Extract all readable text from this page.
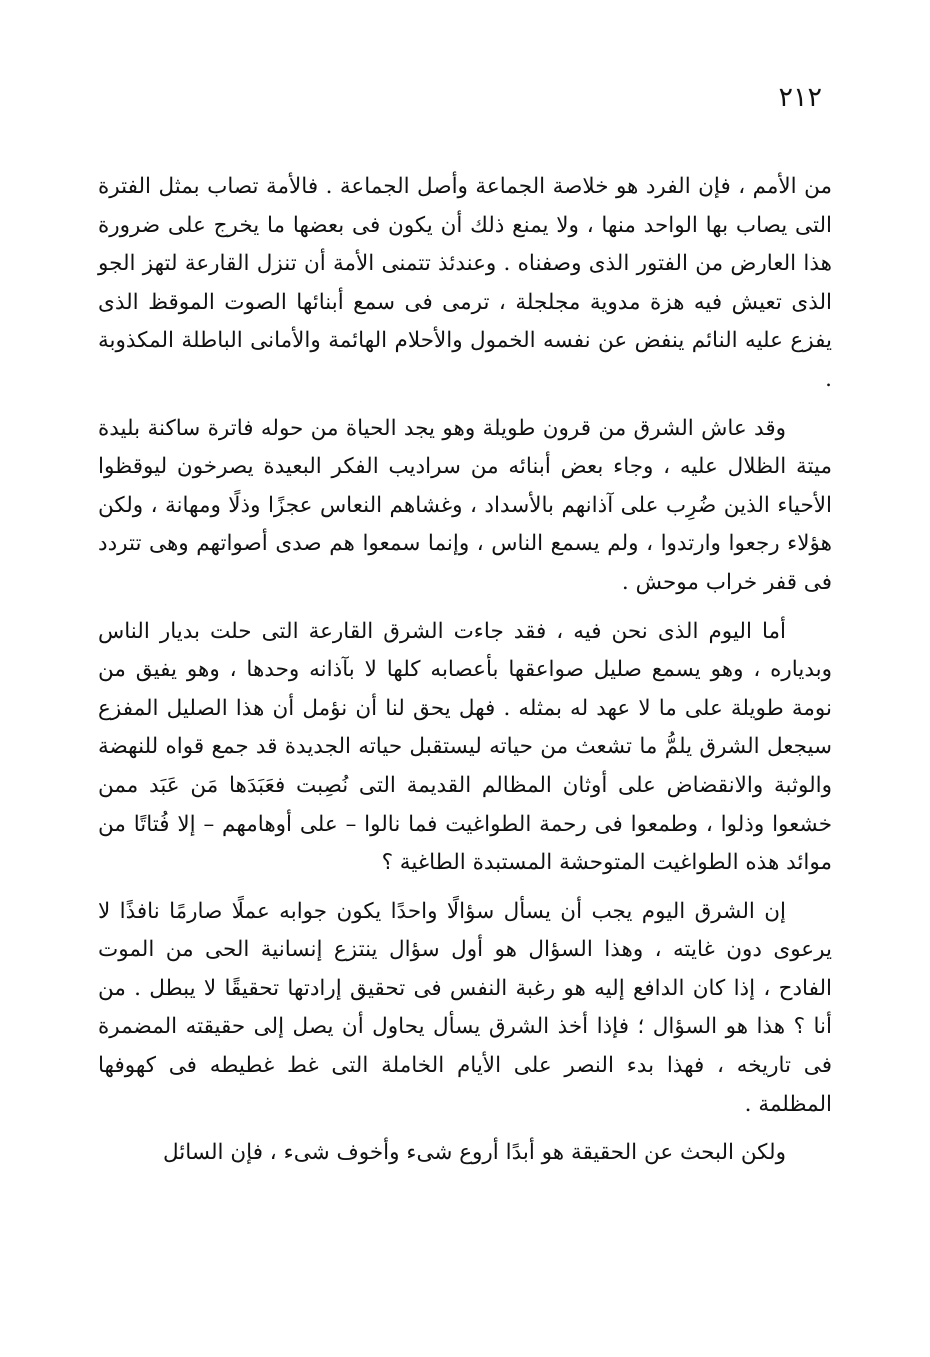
٢١٢

من الأمم ، فإن الفرد هو خلاصة الجماعة وأصل الجماعة . فالأمة تصاب بمثل الفترة التى يصاب بها الواحد منها ، ولا يمنع ذلك أن يكون فى بعضها ما يخرج على ضرورة هذا العارض من الفتور الذى وصفناه . وعندئذ تتمنى الأمة أن تنزل القارعة لتهز الجو الذى تعيش فيه هزة مدوية مجلجلة ، ترمى فى سمع أبنائها الصوت الموقظ الذى يفزع عليه النائم ينفض عن نفسه الخمول والأحلام الهائمة والأمانى الباطلة المكذوبة .

وقد عاش الشرق من قرون طويلة وهو يجد الحياة من حوله فاترة ساكنة بليدة ميتة الظلال عليه ، وجاء بعض أبنائه من سراديب الفكر البعيدة يصرخون ليوقظوا الأحياء الذين ضُرِب على آذانهم بالأسداد ، وغشاهم النعاس عجزًا وذلًا ومهانة ، ولكن هؤلاء رجعوا وارتدوا ، ولم يسمع الناس ، وإنما سمعوا هم صدى أصواتهم وهى تتردد فى قفر خراب موحش .

أما اليوم الذى نحن فيه ، فقد جاءت الشرق القارعة التى حلت بديار الناس وبدياره ، وهو يسمع صليل صواعقها بأعصابه كلها لا بآذانه وحدها ، وهو يفيق من نومة طويلة على ما لا عهد له بمثله . فهل يحق لنا أن نؤمل أن هذا الصليل المفزع سيجعل الشرق يلمُّ ما تشعث من حياته ليستقبل حياته الجديدة قد جمع قواه للنهضة والوثبة والانقضاض على أوثان المظالم القديمة التى نُصِبت فعَبَدَها مَن عَبَد ممن خشعوا وذلوا ، وطمعوا فى رحمة الطواغيت فما نالوا – على أوهامهم – إلا فُتاتًا من موائد هذه الطواغيت المتوحشة المستبدة الطاغية ؟

إن الشرق اليوم يجب أن يسأل سؤالًا واحدًا يكون جوابه عملًا صارمًا نافذًا لا يرعوى دون غايته ، وهذا السؤال هو أول سؤال ينتزع إنسانية الحى من الموت الفادح ، إذا كان الدافع إليه هو رغبة النفس فى تحقيق إرادتها تحقيقًا لا يبطل . من أنا ؟ هذا هو السؤال ؛ فإذا أخذ الشرق يسأل يحاول أن يصل إلى حقيقته المضمرة فى تاريخه ، فهذا بدء النصر على الأيام الخاملة التى غط غطيطه فى كهوفها المظلمة .

ولكن البحث عن الحقيقة هو أبدًا أروع شىء وأخوف شىء ، فإن السائل
